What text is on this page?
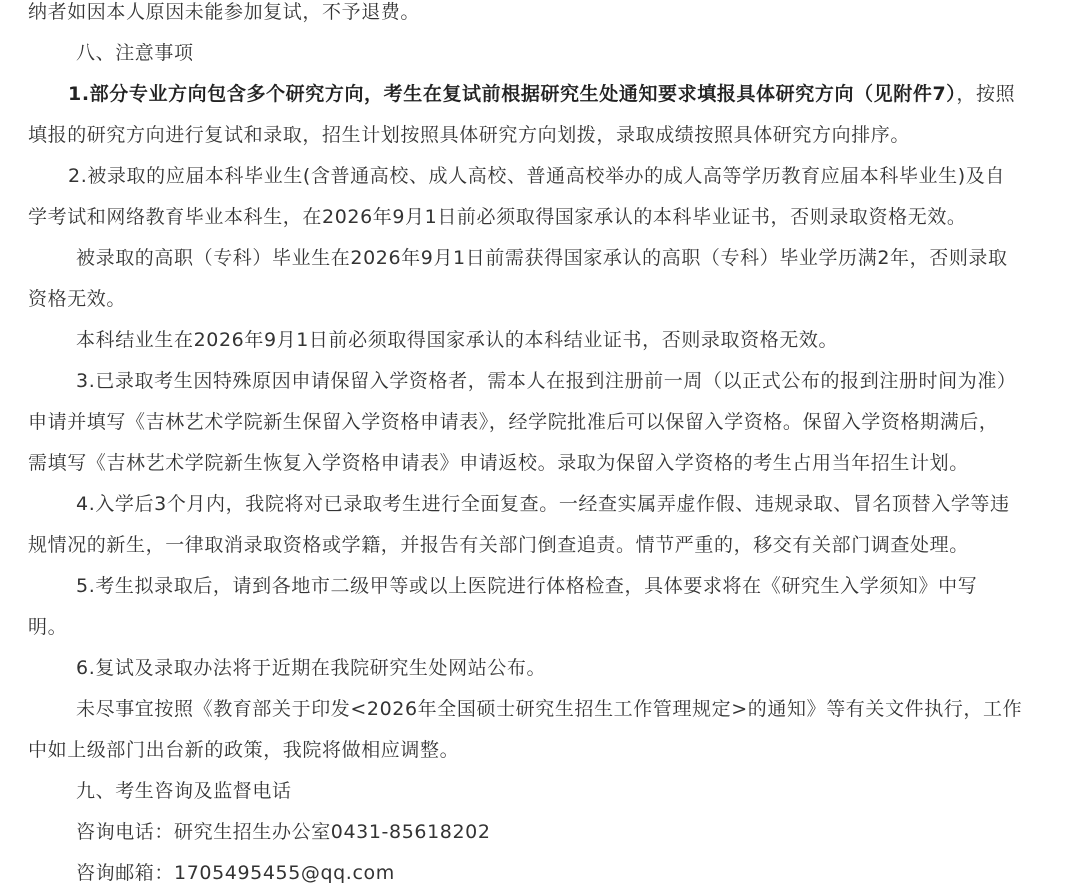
纳者如因本人原因未能参加复试，不予退费。
八、注意事项
1.部分专业方向包含多个研究方向，考生在复试前根据研究生处通知要求填报具体研究方向（见附件7），按照
填报的研究方向进行复试和录取，招生计划按照具体研究方向划拨，录取成绩按照具体研究方向排序。
2.被录取的应届本科毕业生(含普通高校、成人高校、普通高校举办的成人高等学历教育应届本科毕业生)及自
学考试和网络教育毕业本科生，在2026年9月1日前必须取得国家承认的本科毕业证书，否则录取资格无效。
被录取的高职（专科）毕业生在2026年9月1日前需获得国家承认的高职（专科）毕业学历满2年，否则录取
资格无效。
本科结业生在2026年9月1日前必须取得国家承认的本科结业证书，否则录取资格无效。
3.已录取考生因特殊原因申请保留入学资格者，需本人在报到注册前一周（以正式公布的报到注册时间为准）
申请并填写《吉林艺术学院新生保留入学资格申请表》，经学院批准后可以保留入学资格。保留入学资格期满后，
需填写《吉林艺术学院新生恢复入学资格申请表》申请返校。录取为保留入学资格的考生占用当年招生计划。
4.入学后3个月内，我院将对已录取考生进行全面复查。一经查实属弄虚作假、违规录取、冒名顶替入学等违
规情况的新生，一律取消录取资格或学籍，并报告有关部门倒查追责。情节严重的，移交有关部门调查处理。
5.考生拟录取后，请到各地市二级甲等或以上医院进行体格检查，具体要求将在《研究生入学须知》中写
明。
6.复试及录取办法将于近期在我院研究生处网站公布。
未尽事宜按照《教育部关于印发<2026年全国硕士研究生招生工作管理规定>的通知》等有关文件执行，工作
中如上级部门出台新的政策，我院将做相应调整。
九、考生咨询及监督电话
咨询电话：研究生招生办公室0431-85618202
咨询邮箱：1705495455@qq.com
